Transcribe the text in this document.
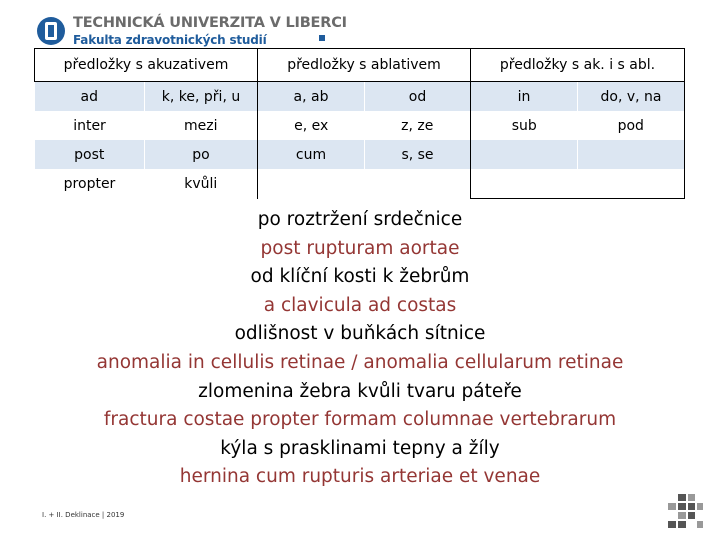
TECHNICKÁ UNIVERZITA V LIBERCI
Fakulta zdravotnických studií
předložky s akuzativem		předložky s ablativem		předložky s ak. i s abl.	
ad	k, ke, při, u	a, ab	od	in	do, v, na
inter	mezi	e, ex	z, ze	sub	pod
post	po	cum	s, se		
propter	kvůli				
po roztržení srdečnice
post rupturam aortae
od klíční kosti k žebrům
a clavicula ad costas
odlišnost v buňkách sítnice
anomalia in cellulis retinae / anomalia cellularum retinae
zlomenina žebra kvůli tvaru páteře
fractura costae propter formam columnae vertebrarum
kýla s prasklinami tepny a žíly
hernina cum rupturis arteriae et venae
I. + II. Deklinace | 2019
